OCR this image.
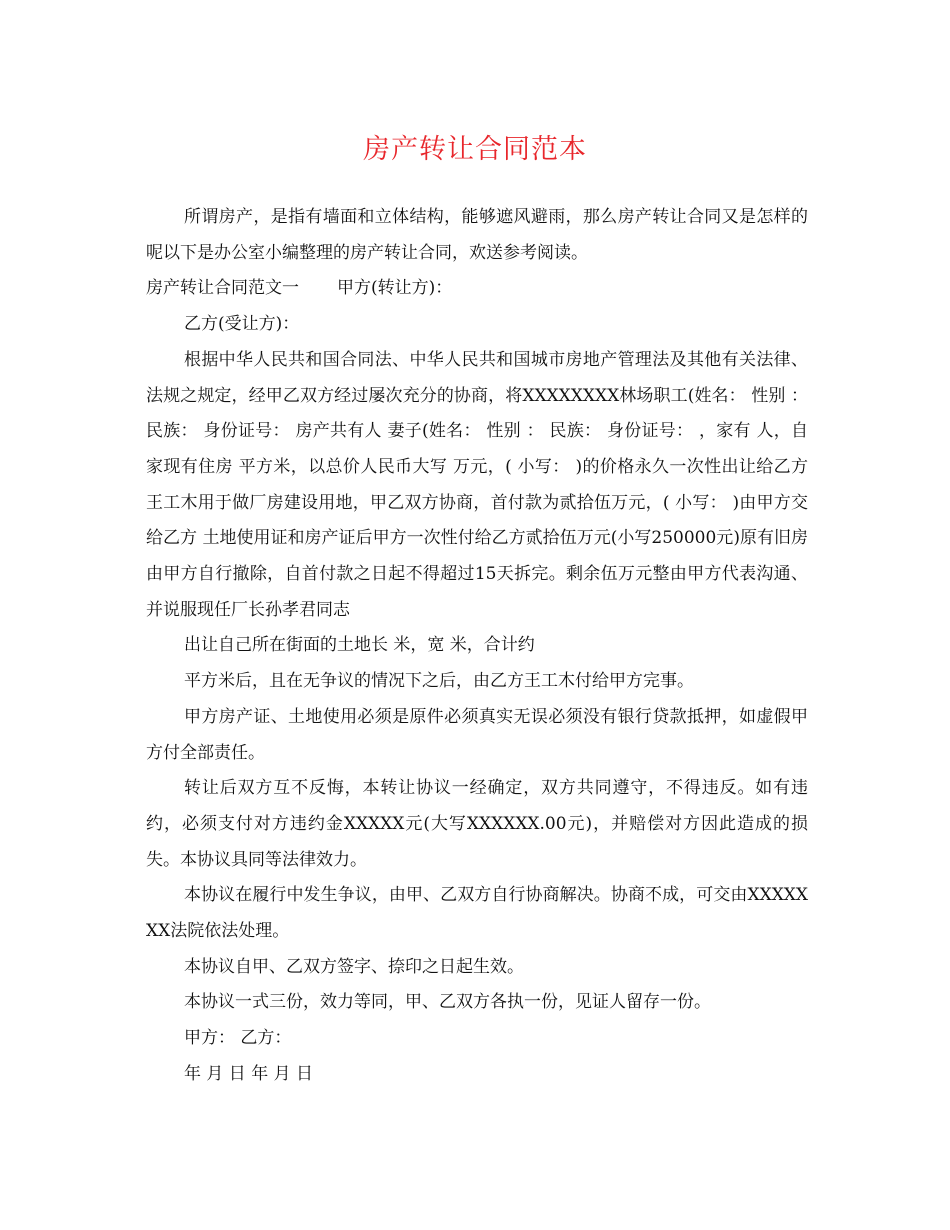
房产转让合同范本

所谓房产，是指有墙面和立体结构，能够遮风避雨，那么房产转让合同又是怎样的呢以下是办公室小编整理的房产转让合同，欢送参考阅读。

房产转让合同范文一 甲方(转让方)：

乙方(受让方)：

根据中华人民共和国合同法、中华人民共和国城市房地产管理法及其他有关法律、法规之规定，经甲乙双方经过屡次充分的协商，将XXXXXXXX林场职工(姓名： 性别 ： 民族： 身份证号： 房产共有人 妻子(姓名： 性别 ： 民族： 身份证号： ，家有 人，自家现有住房 平方米，以总价人民币大写 万元，( 小写： )的价格永久一次性出让给乙方王工木用于做厂房建设用地，甲乙双方协商，首付款为贰拾伍万元，( 小写： )由甲方交给乙方 土地使用证和房产证后甲方一次性付给乙方贰拾伍万元(小写250000元)原有旧房由甲方自行撤除，自首付款之日起不得超过15天拆完。剩余伍万元整由甲方代表沟通、并说服现任厂长孙孝君同志

出让自己所在街面的土地长 米，宽 米，合计约

平方米后，且在无争议的情况下之后，由乙方王工木付给甲方完事。

甲方房产证、土地使用必须是原件必须真实无误必须没有银行贷款抵押，如虚假甲方付全部责任。

转让后双方互不反悔，本转让协议一经确定，双方共同遵守，不得违反。如有违约，必须支付对方违约金XXXXX元(大写XXXXXX.00元)，并赔偿对方因此造成的损失。本协议具同等法律效力。

本协议在履行中发生争议，由甲、乙双方自行协商解决。协商不成，可交由XXXXXXX法院依法处理。

本协议自甲、乙双方签字、捺印之日起生效。

本协议一式三份，效力等同，甲、乙双方各执一份，见证人留存一份。

甲方： 乙方：

年 月 日 年 月 日
